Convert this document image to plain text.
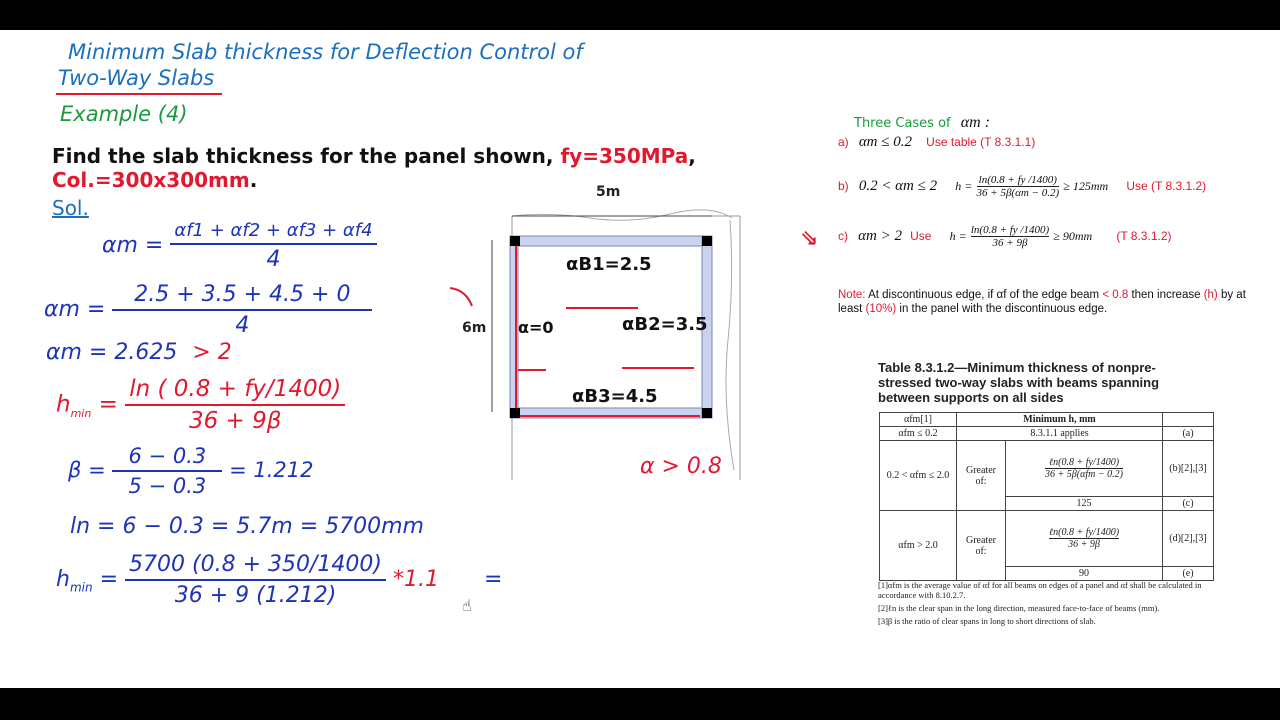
Minimum Slab thickness for Deflection Control of
Two-Way Slabs
Example (4)
Find the slab thickness for the panel shown, fy=350MPa,
Col.=300x300mm.
Sol.
$\alpha m = \frac{\alpha f1 + \alpha f2 + \alpha f3 + \alpha f4}{4}$
$\alpha m = \frac{2.5 + 3.5 + 4.5 + 0}{4}$
αm = 2.625 > 2
$h_{min} = \frac{\ln ( 0.8 + fy/1400)}{36 + 9\beta}$
$\beta = \frac{6 - 0.3}{5 - 0.3} = 1.212$
ln = 6 − 0.3 = 5.7m = 5700mm
$h_{min} = \frac{5700 (0.8 + 350/1400)}{36 + 9 (1.212)} *1.1$ =
☝
5m
6m
αB1=2.5
αB2=3.5
αB3=4.5
α=0
α > 0.8
Three Cases of αm :
a) αm ≤ 0.2 Use table (T 8.3.1.1)
b) 0.2 < αm ≤ 2 $h = \frac{\ln(0.8 + fy /1400)}{36 + 5\beta(\alpha m - 0.2)} \ge 125mm$ Use (T 8.3.1.2)
⇘ c) αm > 2 Use $h = \frac{\ln(0.8 + fy /1400)}{36 + 9\beta} \ge 90mm$ (T 8.3.1.2)
Note: At discontinuous edge, if αf of the edge beam < 0.8 then increase (h) by at least (10%) in the panel with the discontinuous edge.
Table 8.3.1.2—Minimum thickness of nonpre-stressed two-way slabs with beams spanning between supports on all sides
αfm[1]	Minimum h, mm		
αfm ≤ 0.2	8.3.1.1 applies		(a)
0.2 < αfm ≤ 2.0	Greater of:	ℓn(0.8 + fy/1400)
36 + 5β(αfm − 0.2)	(b)[2],[3]
		125	(c)
αfm > 2.0	Greater of:	ℓn(0.8 + fy/1400)
36 + 9β	(d)[2],[3]
		90	(e)
[1]αfm is the average value of αf for all beams on edges of a panel and αf shall be calculated in accordance with 8.10.2.7.
[2]ℓn is the clear span in the long direction, measured face-to-face of beams (mm).
[3]β is the ratio of clear spans in long to short directions of slab.
